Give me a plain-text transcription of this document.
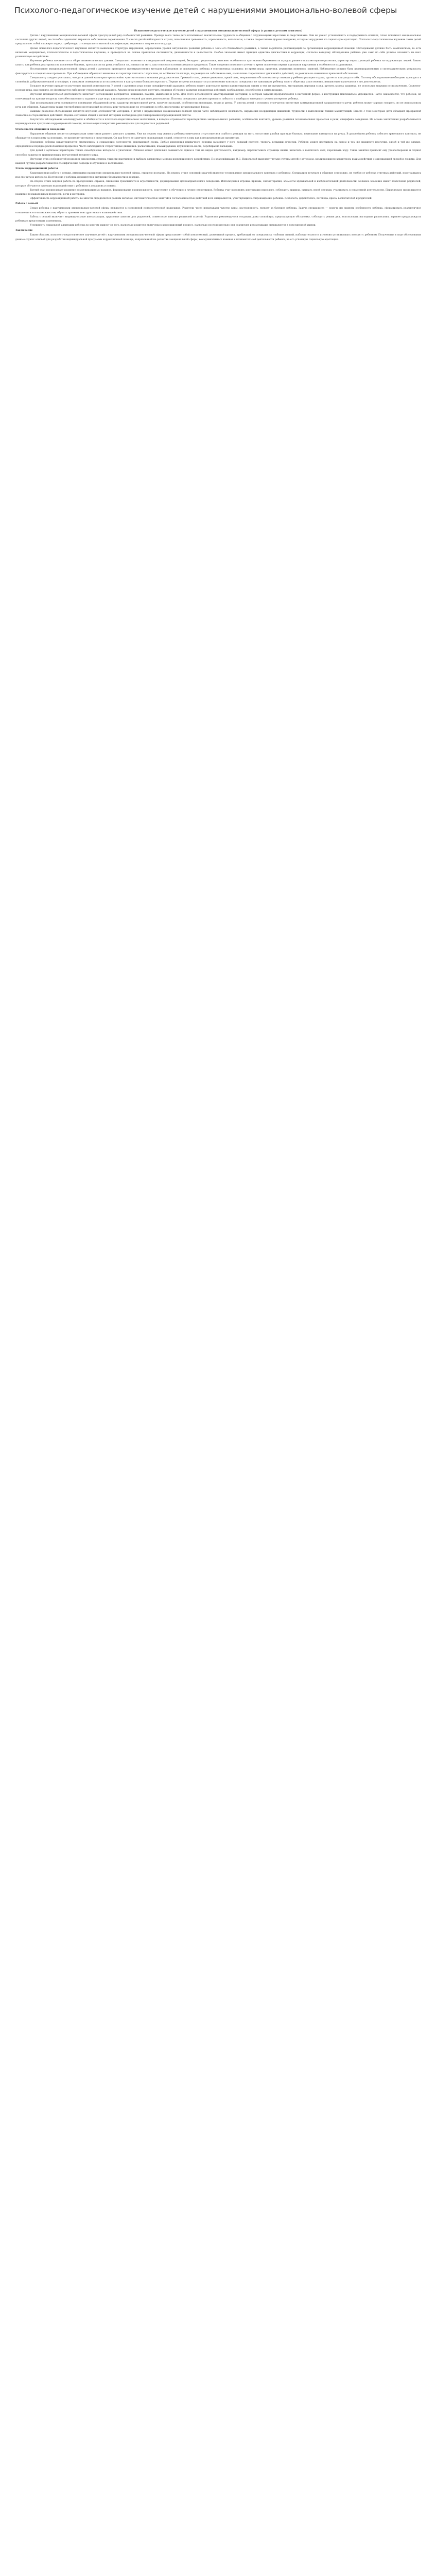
Психолого-педагогическое изучение детей с нарушениями эмоционально-волевой сферы

Психолого-педагогическое изучение детей с нарушениями эмоционально-волевой сферы (с ранним детским аутизмом)

Детям с нарушениями эмоционально-волевой сферы присущ целый ряд особенностей развития. Прежде всего такие дети испытывают значительные трудности в общении с окружающими взрослыми и сверстниками. Они не умеют устанавливать и поддерживать контакт, плохо понимают эмоциональное состояние других людей, не способны адекватно выражать собственные переживания. У многих детей наблюдаются страхи, повышенная тревожность, агрессивность, негативизм, а также стереотипные формы поведения, которые затрудняют их социальную адаптацию. Психолого-педагогическое изучение таких детей представляет собой сложную задачу, требующую от специалиста высокой квалификации, терпения и творческого подхода.

Целью психолого-педагогического изучения является выявление структуры нарушения, определение уровня актуального развития ребенка и зоны его ближайшего развития, а также выработка рекомендаций по организации коррекционной помощи. Обследование должно быть комплексным, то есть включать медицинское, психологическое и педагогическое изучение, и проводиться на основе принципов системности, динамичности и целостности. Особое значение имеет принцип единства диагностики и коррекции, согласно которому обследование ребенка уже само по себе должно оказывать на него развивающее воздействие.

Изучение ребенка начинается со сбора анамнестических данных. Специалист знакомится с медицинской документацией, беседует с родителями, выясняет особенности протекания беременности и родов, раннего психомоторного развития, характер первых реакций ребенка на окружающих людей. Важно узнать, как ребенок реагировал на появление близких, просился ли на руки, улыбался ли, узнавал ли мать, как относился к новым людям и предметам. Такие сведения позволяют уточнить время появления первых признаков нарушения и особенности их динамики.

Исследование эмоционально-волевой сферы детей с аутизмом проводится преимущественно методом наблюдения за поведением ребенка в естественных условиях: во время игры, прогулки, режимных моментов, занятий. Наблюдение должно быть целенаправленным и систематическим; результаты фиксируются в специальном протоколе. При наблюдении обращают внимание на характер контакта с взрослым, на особенности взгляда, на реакцию на собственное имя, на наличие стереотипных движений и действий, на реакцию на изменения привычной обстановки.

Специалисту следует учитывать, что дети данной категории чрезвычайно чувствительны к внешним раздражителям. Громкий голос, резкие движения, яркий свет, непривычная обстановка могут вызвать у ребенка реакцию страха, протеста или ухода в себя. Поэтому обследование необходимо проводить в спокойной, доброжелательной атмосфере, в знакомом помещении и по возможности в присутствии близкого взрослого. Первые встречи посвящаются установлению контакта: специалист не навязывает ребенку своего общества, а постепенно, ненавязчиво включается в его деятельность.

Большое значение придается изучению игровой деятельности. У детей с аутизмом игра носит специфический характер: ребенок может длительное время манипулировать одним и тем же предметом, выстраивать игрушки в ряд, крутить колеса машинки, не используя игрушки по назначению. Сюжетно-ролевая игра, как правило, не формируется либо носит стереотипный характер. Анализ игры позволяет получить сведения об уровне развития предметных действий, воображения, способности к символизации.

Изучение познавательной деятельности включает исследование восприятия, внимания, памяти, мышления и речи. Для этого используются адаптированные методики, в которых задания предъявляются в наглядной форме, а инструкция максимально упрощается. Часто оказывается, что ребенок, не отвечающий на прямые вопросы, способен выполнить задание в ходе игры или в привлекательной для него деятельности. Поэтому специалист должен проявлять гибкость и подбирать материал с учетом интересов ребенка.

При исследовании речи оценивается понимание обращенной речи, характер экспрессивной речи, наличие эхолалий, особенности интонации, темпа и ритма. У многих детей с аутизмом отмечается отсутствие коммуникативной направленности речи: ребенок может хорошо говорить, но не использовать речь для общения. Характерны также употребление местоимений во втором или третьем лице по отношению к себе, неологизмы, штампованные фразы.

Важным разделом обследования является изучение особенностей моторики. У детей с нарушениями эмоционально-волевой сферы часто наблюдаются неловкость, нарушения координации движений, трудности в выполнении тонких манипуляций. Вместе с тем некоторые дети обладают прекрасной ловкостью в стереотипных действиях. Оценка состояния общей и мелкой моторики необходима для планирования коррекционной работы.

Результаты обследования анализируются и обобщаются в психолого-педагогическом заключении, в котором отражаются характеристика эмоционального развития, особенности контакта, уровень развития познавательных процессов и речи, специфика поведения. На основе заключения разрабатывается индивидуальная программа коррекционной помощи, включающая конкретные рекомендации для педагогов и родителей.

Особенности общения и поведения

Нарушение общения является центральным симптомом раннего детского аутизма. Уже на первом году жизни у ребенка отмечается отсутствие или слабость реакции на мать, отсутствие улыбки при виде близких, нежелание находиться на руках. В дальнейшем ребенок избегает зрительного контакта, не обращается к взрослому за помощью, не проявляет интереса к сверстникам. Он как будто не замечает окружающих людей, относится к ним как к неодушевленным предметам.

Поведение ребенка характеризуется стремлением к сохранению постоянства окружающей среды. Любые изменения привычного порядка вызывают у него сильный протест, тревогу, вспышки агрессии. Ребенок может настаивать на одном и том же маршруте прогулки, одной и той же одежде, определенном порядке расположения предметов. Часто наблюдаются стереотипные движения: раскачивания, взмахи руками, кружения на месте, перебирание пальцами.

Для детей с аутизмом характерны также своеобразные интересы и увлечения. Ребенок может длительно заниматься одним и тем же видом деятельности, например, перелистывать страницы книги, включать и выключать свет, переливать воду. Такие занятия приносят ему удовлетворение и служат способом защиты от травмирующих впечатлений внешнего мира.

Изучение этих особенностей позволяет определить степень тяжести нарушения и выбрать адекватные методы коррекционного воздействия. По классификации О.С. Никольской выделяют четыре группы детей с аутизмом, различающиеся характером взаимодействия с окружающей средой и людьми. Для каждой группы разрабатываются специфические подходы к обучению и воспитанию.

Этапы коррекционной работы

Коррекционная работа с детьми, имеющими нарушения эмоционально-волевой сферы, строится поэтапно. На первом этапе основной задачей является установление эмоционального контакта с ребенком. Специалист вступает в общение осторожно, не требуя от ребенка ответных действий, подстраиваясь под его ритм и интересы. Постепенно у ребенка формируется ощущение безопасности и доверия.

На втором этапе ведется работа по преодолению страхов, снижению тревожности и агрессивности, формированию целенаправленного поведения. Используются игровые приемы, сказкотерапия, элементы музыкальной и изобразительной деятельности. Большое значение имеет вовлечение родителей, которые обучаются приемам взаимодействия с ребенком в домашних условиях.

Третий этап предполагает развитие коммуникативных навыков, формирование произвольности, подготовку к обучению в группе сверстников. Ребенка учат выполнять инструкции взрослого, соблюдать правила, ожидать своей очереди, участвовать в совместной деятельности. Параллельно продолжается развитие познавательных процессов, речи и моторики.

Эффективность коррекционной работы во многом определяется ранним началом, систематичностью занятий и согласованностью действий всех специалистов, участвующих в сопровождении ребенка: психолога, дефектолога, логопеда, врача, воспитателей и родителей.

Работа с семьей

Семья ребенка с нарушениями эмоционально-волевой сферы нуждается в постоянной психологической поддержке. Родители часто испытывают чувство вины, растерянность, тревогу за будущее ребенка. Задача специалиста — помочь им принять особенности ребенка, сформировать реалистичное отношение к его возможностям, обучить приемам конструктивного взаимодействия.

Работа с семьей включает индивидуальные консультации, групповые занятия для родителей, совместные занятия родителей и детей. Родителям рекомендуется создавать дома спокойную, предсказуемую обстановку, соблюдать режим дня, использовать наглядные расписания, заранее предупреждать ребенка о предстоящих изменениях.

Успешность социальной адаптации ребенка во многом зависит от того, насколько родители включены в коррекционный процесс, насколько последовательно они реализуют рекомендации специалистов в повседневной жизни.

Заключение

Таким образом, психолого-педагогическое изучение детей с нарушениями эмоционально-волевой сферы представляет собой комплексный, длительный процесс, требующий от специалиста глубоких знаний, наблюдательности и умения устанавливать контакт с ребенком. Полученные в ходе обследования данные служат основой для разработки индивидуальной программы коррекционной помощи, направленной на развитие эмоциональной сферы, коммуникативных навыков и познавательной деятельности ребенка, на его успешную социальную адаптацию.
